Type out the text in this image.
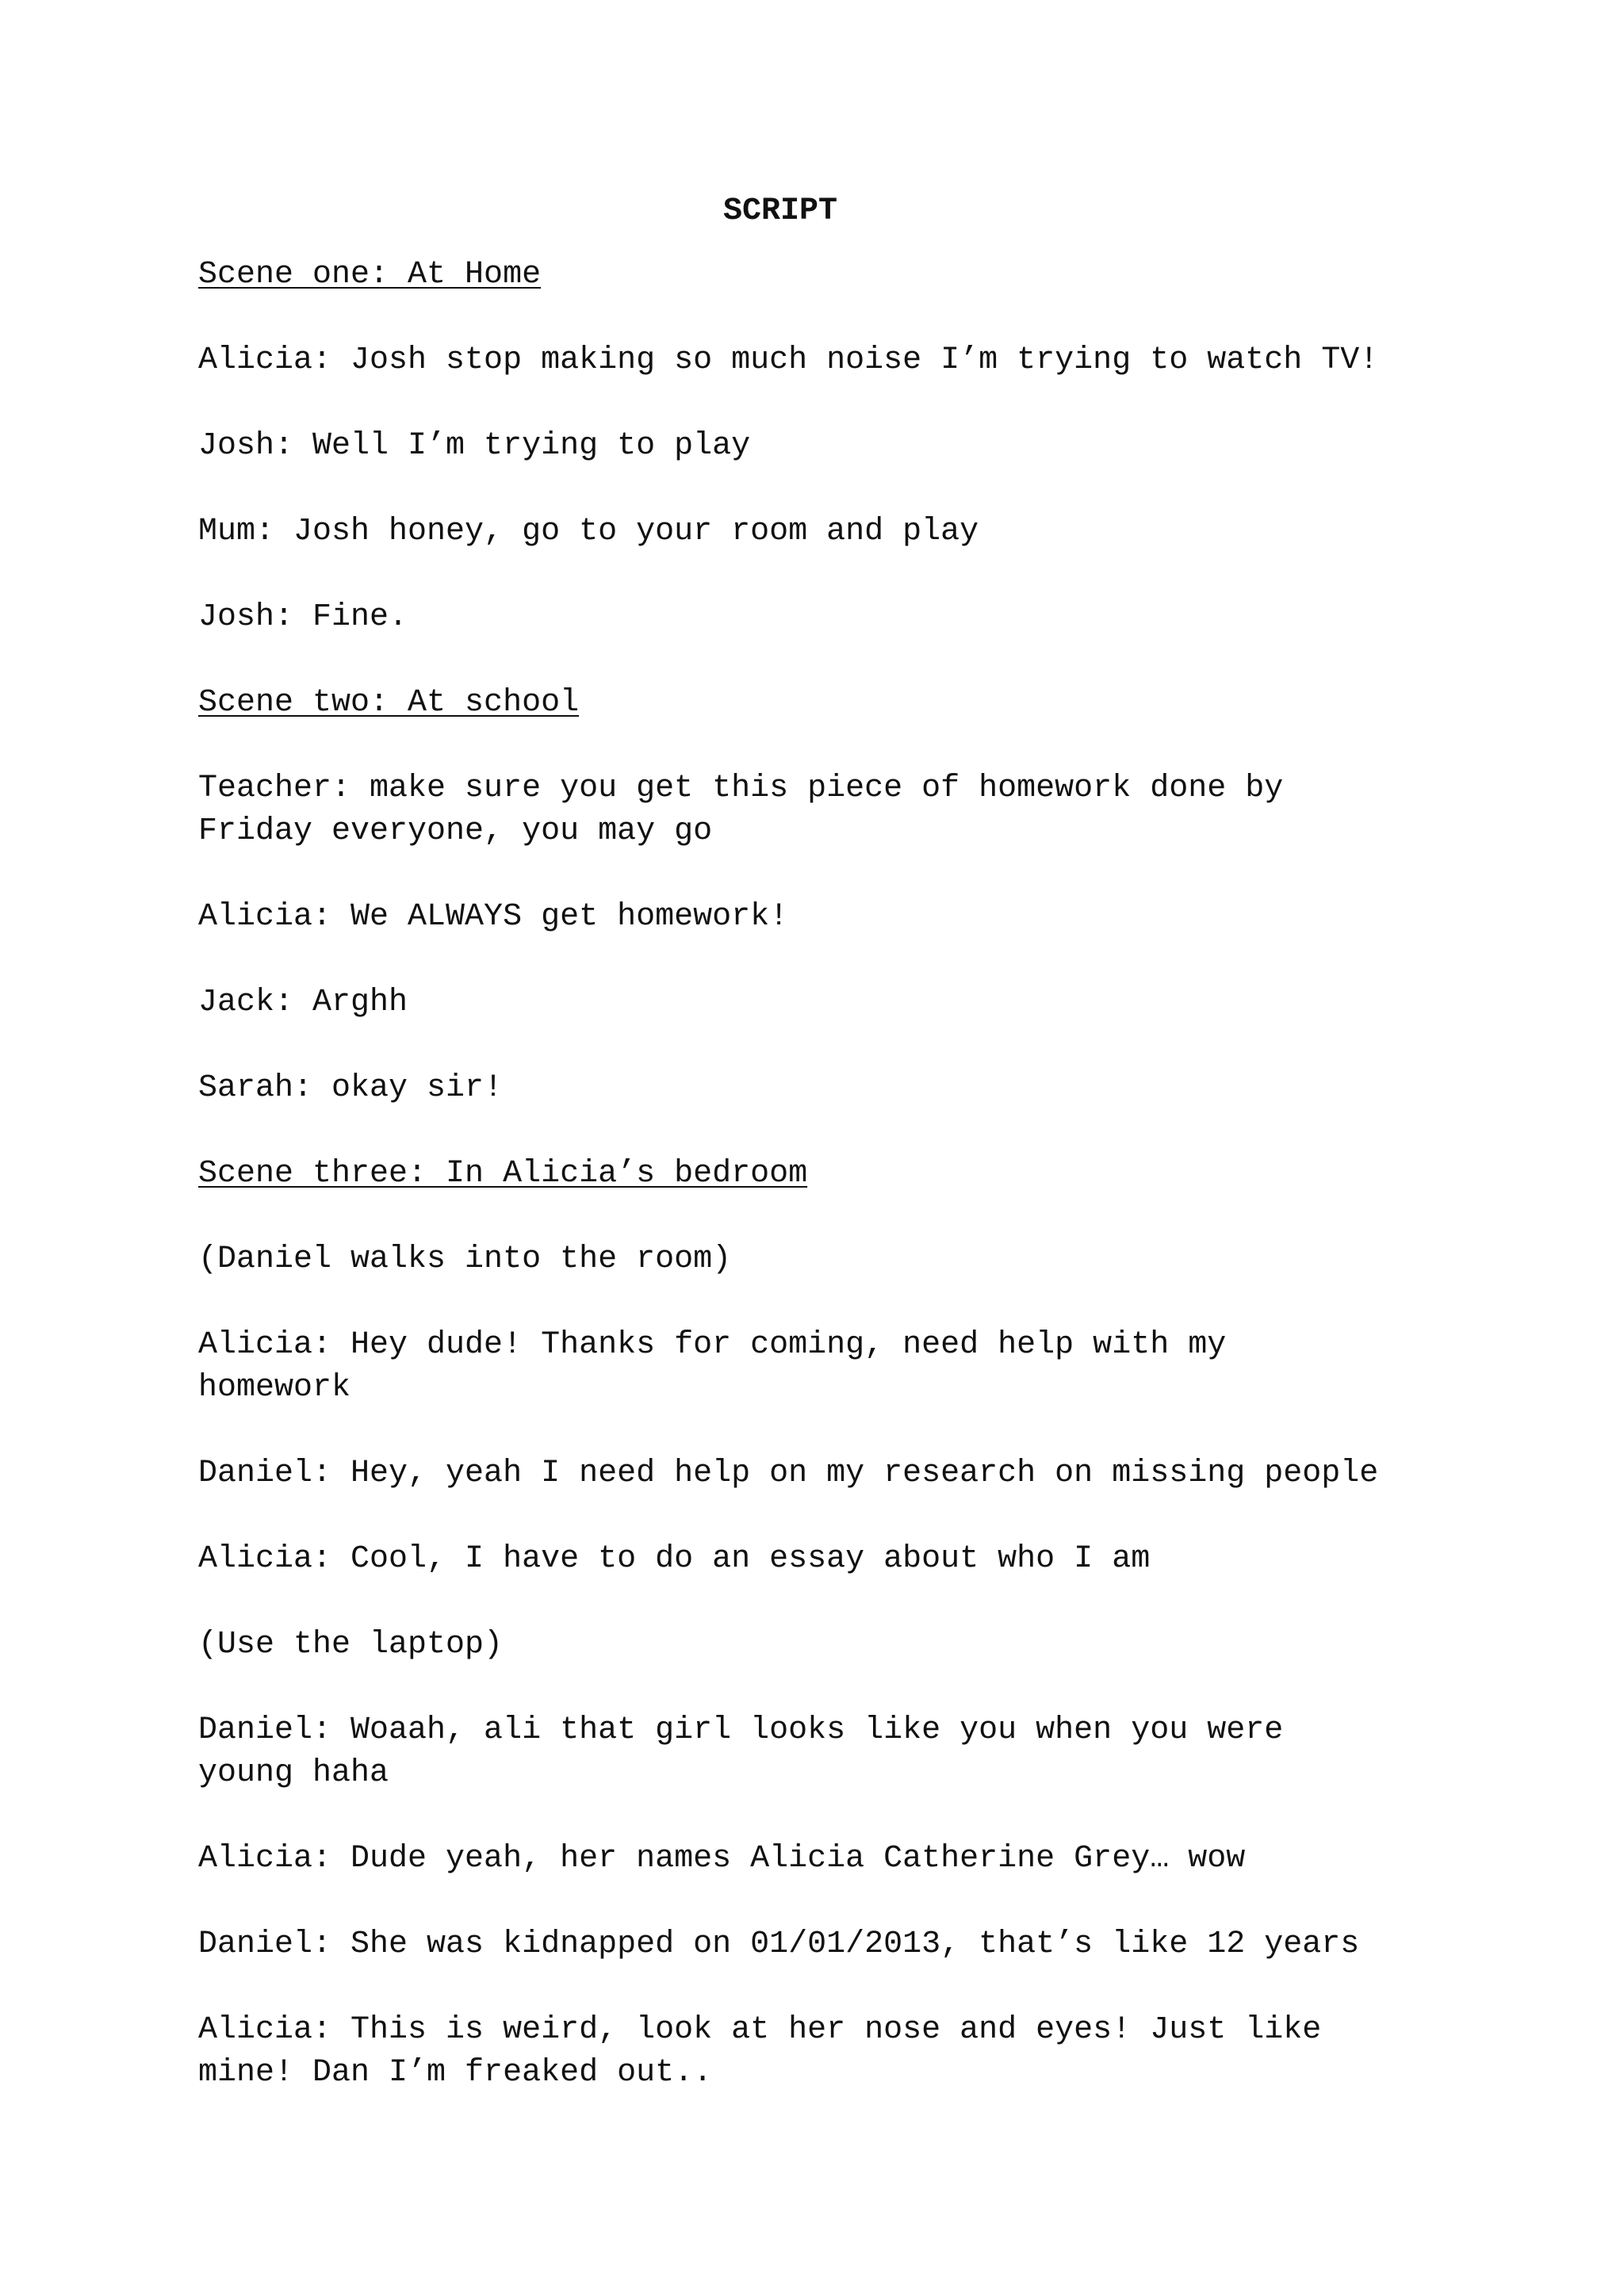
SCRIPT

Scene one: At Home

Alicia: Josh stop making so much noise I’m trying to watch TV!

Josh: Well I’m trying to play

Mum: Josh honey, go to your room and play

Josh: Fine.

Scene two: At school

Teacher: make sure you get this piece of homework done by
Friday everyone, you may go

Alicia: We ALWAYS get homework!

Jack: Arghh

Sarah: okay sir!

Scene three: In Alicia’s bedroom

(Daniel walks into the room)

Alicia: Hey dude! Thanks for coming, need help with my
homework

Daniel: Hey, yeah I need help on my research on missing people

Alicia: Cool, I have to do an essay about who I am

(Use the laptop)

Daniel: Woaah, ali that girl looks like you when you were
young haha

Alicia: Dude yeah, her names Alicia Catherine Grey… wow

Daniel: She was kidnapped on 01/01/2013, that’s like 12 years

Alicia: This is weird, look at her nose and eyes! Just like
mine! Dan I’m freaked out..
